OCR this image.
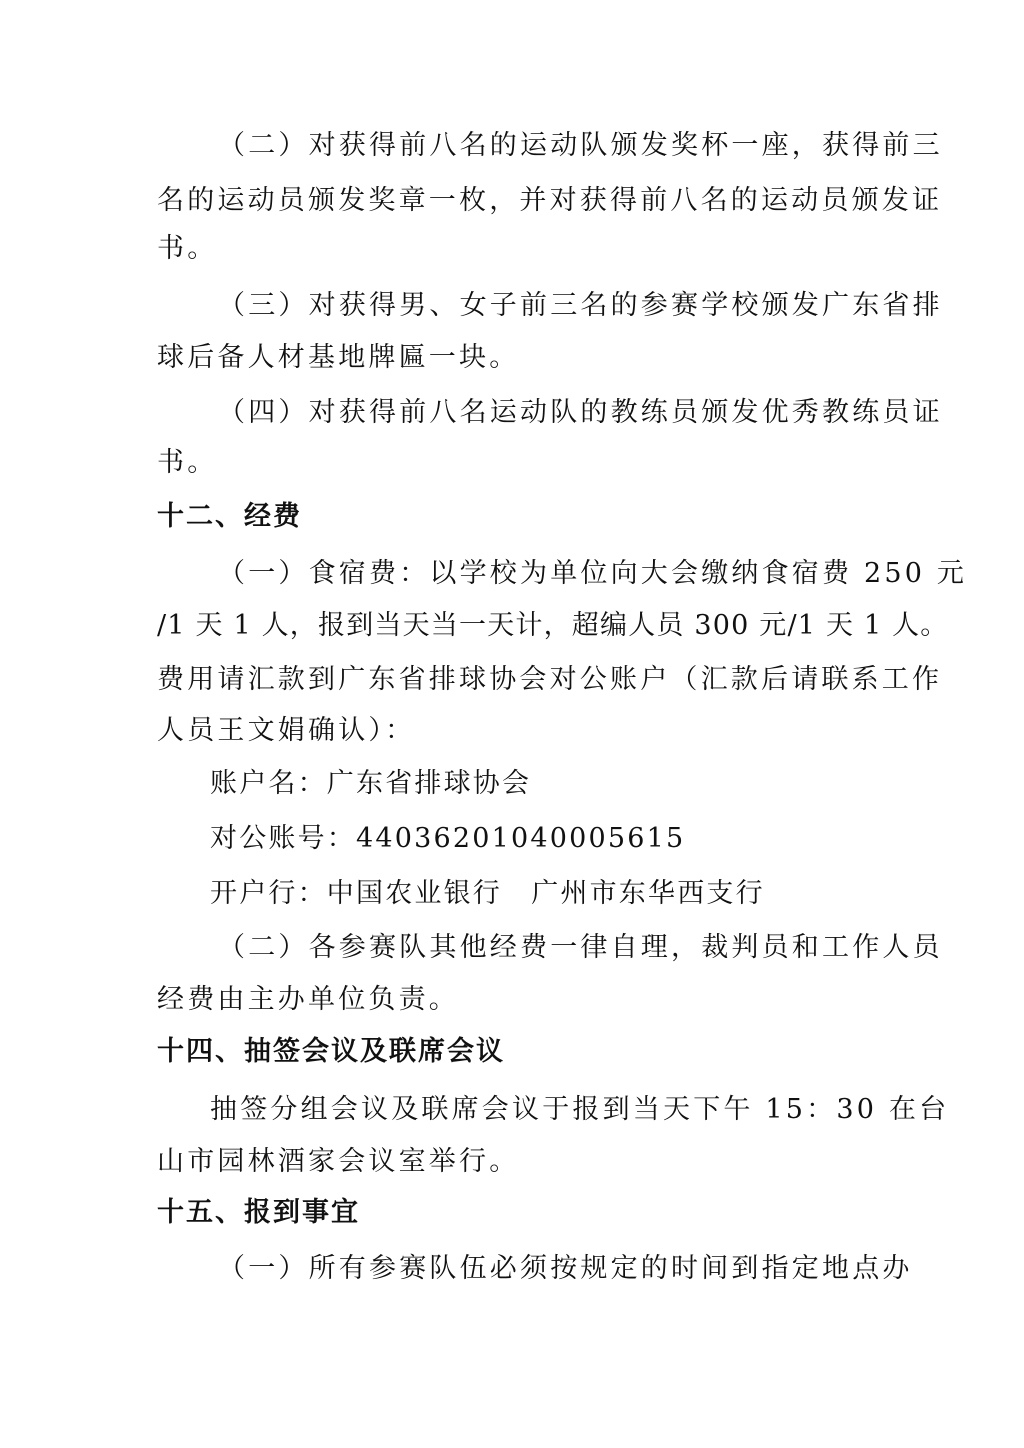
（二）对获得前八名的运动队颁发奖杯一座，获得前三
名的运动员颁发奖章一枚，并对获得前八名的运动员颁发证
书。
（三）对获得男、女子前三名的参赛学校颁发广东省排
球后备人材基地牌匾一块。
（四）对获得前八名运动队的教练员颁发优秀教练员证
书。
十二、经费
（一）食宿费：以学校为单位向大会缴纳食宿费 250 元
/1 天 1 人，报到当天当一天计，超编人员 300 元/1 天 1 人。
费用请汇款到广东省排球协会对公账户（汇款后请联系工作
人员王文娟确认）：
账户名：广东省排球协会
对公账号：44036201040005615
开户行：中国农业银行　广州市东华西支行
（二）各参赛队其他经费一律自理，裁判员和工作人员
经费由主办单位负责。
十四、抽签会议及联席会议
抽签分组会议及联席会议于报到当天下午 15：30 在台
山市园林酒家会议室举行。
十五、报到事宜
（一）所有参赛队伍必须按规定的时间到指定地点办
